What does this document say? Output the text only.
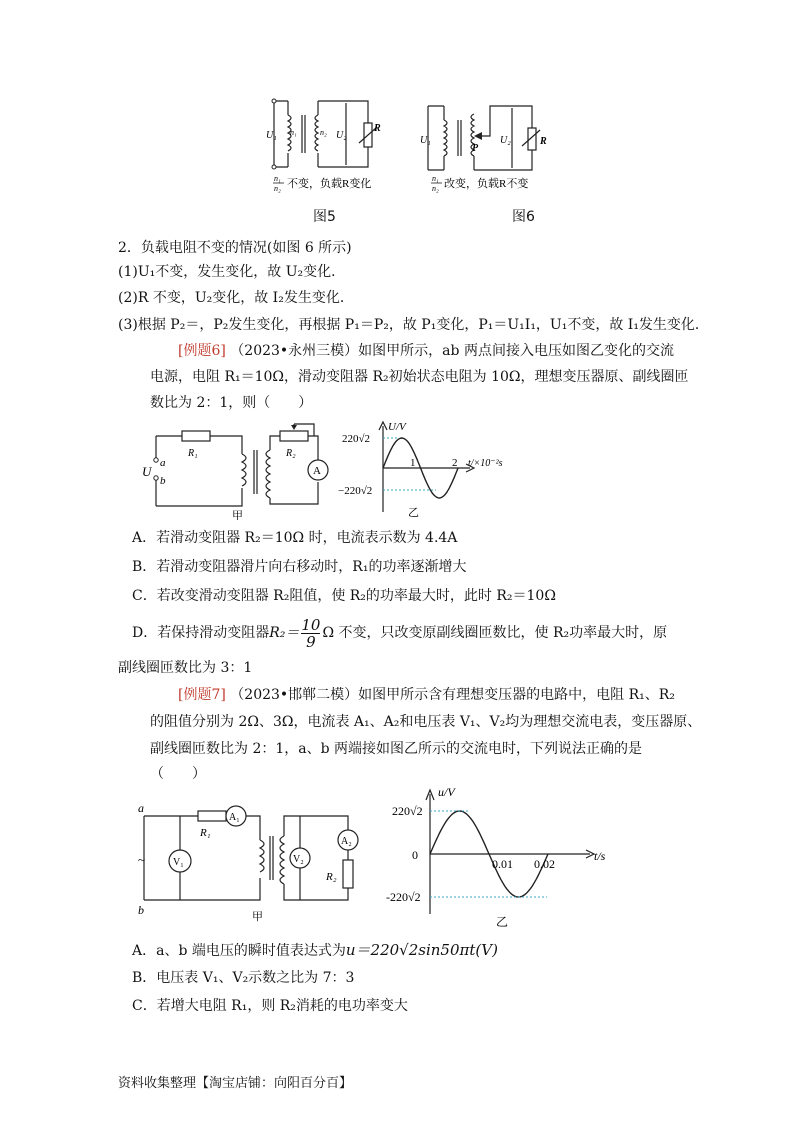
U₁ n₁	n₂ U₂
R
n₁
n₂ 不变，负载R变化
图5
U₁
P
U₂	R
n₁
n₂ 改变，负载R不变
图6
2．负载电阻不变的情况(如图 6 所示)
(1)U₁不变，发生变化，故 U₂变化．
(2)R 不变，U₂变化，故 I₂发生变化．
(3)根据 P₂＝，P₂发生变化，再根据 P₁＝P₂，故 P₁变化，P₁＝U₁I₁，U₁不变，故 I₁发生变化．
[例题6] （2023•永州三模）如图甲所示，ab 两点间接入电压如图乙变化的交流
电源，电阻 R₁＝10Ω，滑动变阻器 R₂初始状态电阻为 10Ω，理想变压器原、副线圈匝
数比为 2：1，则（　　）
R₁	R₂
U
a
b
A
甲
U/V
220√2
−220√2
1	2 t/×10⁻²s
乙
A．若滑动变阻器 R₂＝10Ω 时，电流表示数为 4.4A
B．若滑动变阻器滑片向右移动时，R₁的功率逐渐增大
C．若改变滑动变阻器 R₂阻值，使 R₂的功率最大时，此时 R₂＝10Ω
D．若保持滑动变阻器$R_2= \frac{10}{9}$ Ω 不变，只改变原副线圈匝数比，使 R₂功率最大时，原
副线圈匝数比为 3：1
[例题7] （2023•邯郸二模）如图甲所示含有理想变压器的电路中，电阻 R₁、R₂
的阻值分别为 2Ω、3Ω，电流表 A₁、A₂和电压表 V₁、V₂均为理想交流电表，变压器原、
副线圈匝数比为 2：1，a、b 两端接如图乙所示的交流电时，下列说法正确的是
（　　）
a
b
R₁
A₁
V₁	V₂
A₂
R₂
~
甲
u/V
220√2
0
-220√2
0.01 0.02
t/s
乙
A．a、b 端电压的瞬时值表达式为u＝220√2sin50πt(V)
B．电压表 V₁、V₂示数之比为 7：3
C．若增大电阻 R₁，则 R₂消耗的电功率变大
资料收集整理【淘宝店铺：向阳百分百】
